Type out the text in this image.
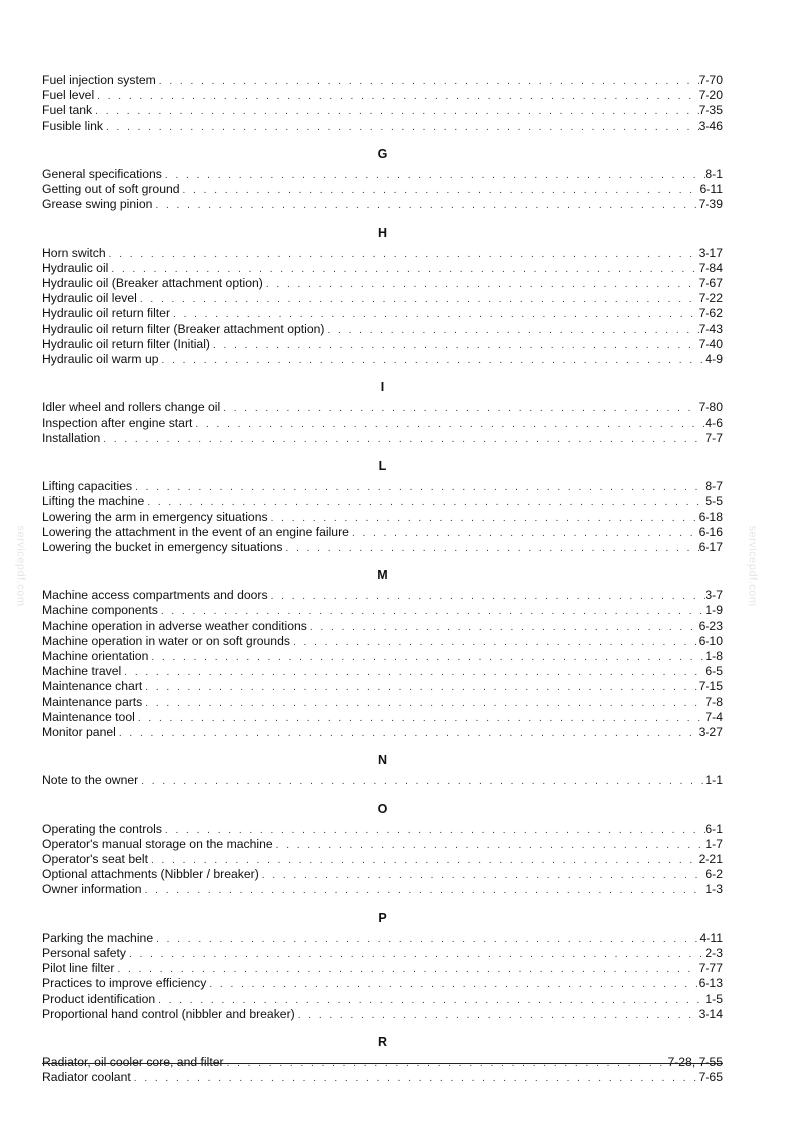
Fuel injection system . . .	7-70
Fuel level . . .	7-20
Fuel tank . . .	7-35
Fusible link . . .	3-46
G
General specifications . . .	8-1
Getting out of soft ground . . .	6-11
Grease swing pinion . . .	7-39
H
Horn switch . . .	3-17
Hydraulic oil . . .	7-84
Hydraulic oil (Breaker attachment option) . . .	7-67
Hydraulic oil level . . .	7-22
Hydraulic oil return filter . . .	7-62
Hydraulic oil return filter (Breaker attachment option) . . .	7-43
Hydraulic oil return filter (Initial) . . .	7-40
Hydraulic oil warm up . . .	4-9
I
Idler wheel and rollers change oil . . .	7-80
Inspection after engine start . . .	4-6
Installation . . .	7-7
L
Lifting capacities . . .	8-7
Lifting the machine . . .	5-5
Lowering the arm in emergency situations . . .	6-18
Lowering the attachment in the event of an engine failure . . .	6-16
Lowering the bucket in emergency situations . . .	6-17
M
Machine access compartments and doors . . .	3-7
Machine components . . .	1-9
Machine operation in adverse weather conditions . . .	6-23
Machine operation in water or on soft grounds . . .	6-10
Machine orientation . . .	1-8
Machine travel . . .	6-5
Maintenance chart . . .	7-15
Maintenance parts . . .	7-8
Maintenance tool . . .	7-4
Monitor panel . . .	3-27
N
Note to the owner . . .	1-1
O
Operating the controls . . .	6-1
Operator's manual storage on the machine . . .	1-7
Operator's seat belt . . .	2-21
Optional attachments (Nibbler / breaker) . . .	6-2
Owner information . . .	1-3
P
Parking the machine . . .	4-11
Personal safety . . .	2-3
Pilot line filter . . .	7-77
Practices to improve efficiency . . .	6-13
Product identification . . .	1-5
Proportional hand control (nibbler and breaker) . . .	3-14
R
Radiator, oil cooler core, and filter . . .	7-28, 7-55
Radiator coolant . . .	7-65
servicepdf.com	servicepdf.com
